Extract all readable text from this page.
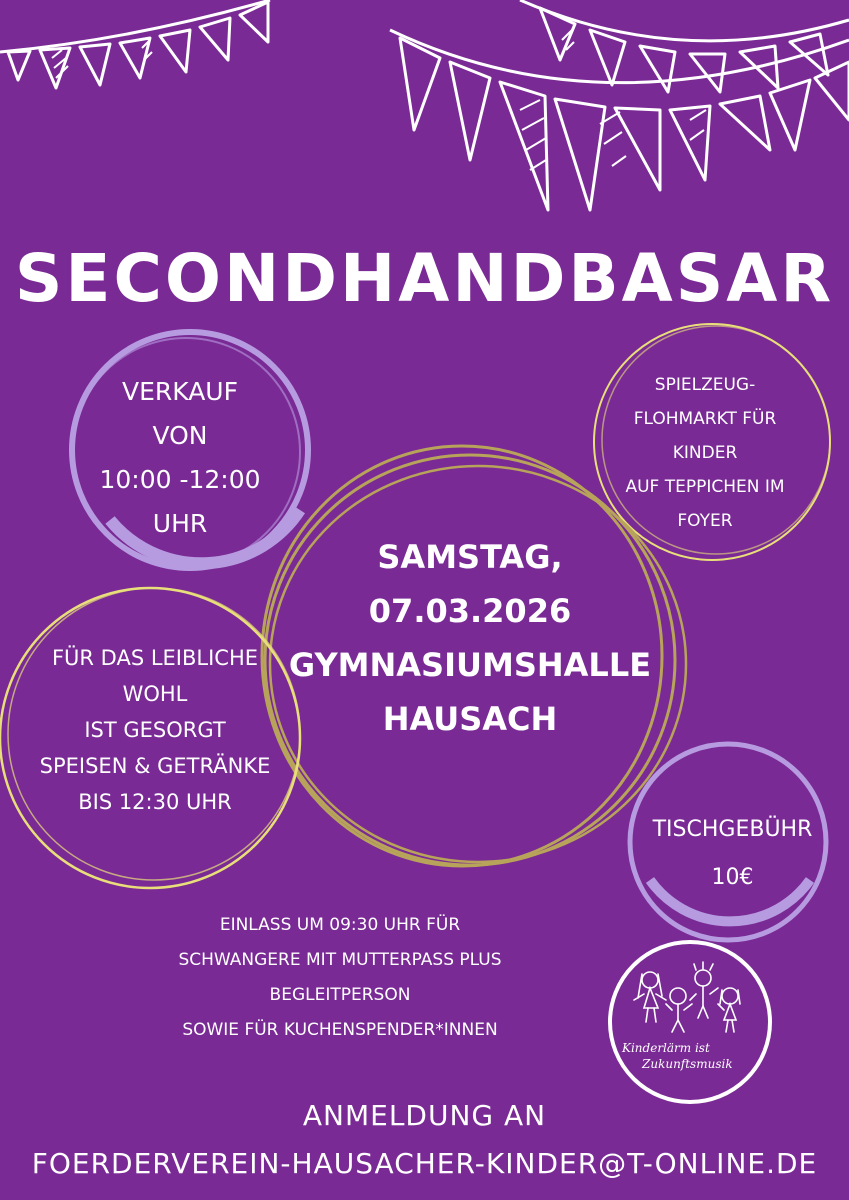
SECONDHANDBASAR
VERKAUF
VON
10:00 -12:00
UHR
SPIELZEUG-
FLOHMARKT FÜR
KINDER
AUF TEPPICHEN IM
FOYER
SAMSTAG,
07.03.2026
GYMNASIUMSHALLE
HAUSACH
FÜR DAS LEIBLICHE
WOHL
IST GESORGT
SPEISEN & GETRÄNKE
BIS 12:30 UHR
TISCHGEBÜHR
10€
EINLASS UM 09:30 UHR FÜR
SCHWANGERE MIT MUTTERPASS PLUS
BEGLEITPERSON
SOWIE FÜR KUCHENSPENDER*INNEN
Kinderlärm ist
Zukunftsmusik
ANMELDUNG AN
FOERDERVEREIN-HAUSACHER-KINDER@T-ONLINE.DE
